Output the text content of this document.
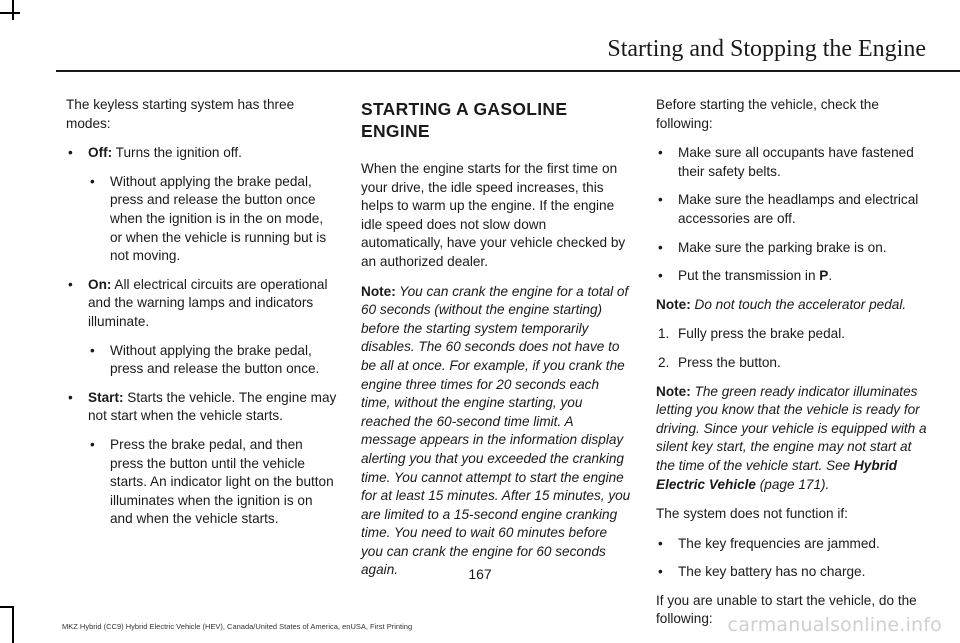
Starting and Stopping the Engine

The keyless starting system has three modes:

• Off: Turns the ignition off.
• Without applying the brake pedal, press and release the button once when the ignition is in the on mode, or when the vehicle is running but is not moving.
• On: All electrical circuits are operational and the warning lamps and indicators illuminate.
• Without applying the brake pedal, press and release the button once.
• Start: Starts the vehicle. The engine may not start when the vehicle starts.
• Press the brake pedal, and then press the button until the vehicle starts. An indicator light on the button illuminates when the ignition is on and when the vehicle starts.
STARTING A GASOLINE ENGINE

When the engine starts for the first time on your drive, the idle speed increases, this helps to warm up the engine. If the engine idle speed does not slow down automatically, have your vehicle checked by an authorized dealer.

Note: You can crank the engine for a total of 60 seconds (without the engine starting) before the starting system temporarily disables. The 60 seconds does not have to be all at once. For example, if you crank the engine three times for 20 seconds each time, without the engine starting, you reached the 60-second time limit. A message appears in the information display alerting you that you exceeded the cranking time. You cannot attempt to start the engine for at least 15 minutes. After 15 minutes, you are limited to a 15-second engine cranking time. You need to wait 60 minutes before you can crank the engine for 60 seconds again.

Before starting the vehicle, check the following:

• Make sure all occupants have fastened their safety belts.
• Make sure the headlamps and electrical accessories are off.
• Make sure the parking brake is on.
• Put the transmission in P.

Note: Do not touch the accelerator pedal.

1. Fully press the brake pedal.
2. Press the button.

Note: The green ready indicator illuminates letting you know that the vehicle is ready for driving. Since your vehicle is equipped with a silent key start, the engine may not start at the time of the vehicle start. See Hybrid Electric Vehicle (page 171).

The system does not function if:

• The key frequencies are jammed.
• The key battery has no charge.

If you are unable to start the vehicle, do the following:

167
MKZ Hybrid (CC9) Hybrid Electric Vehicle (HEV), Canada/United States of America, enUSA, First Printing	carmanualsonline.info
